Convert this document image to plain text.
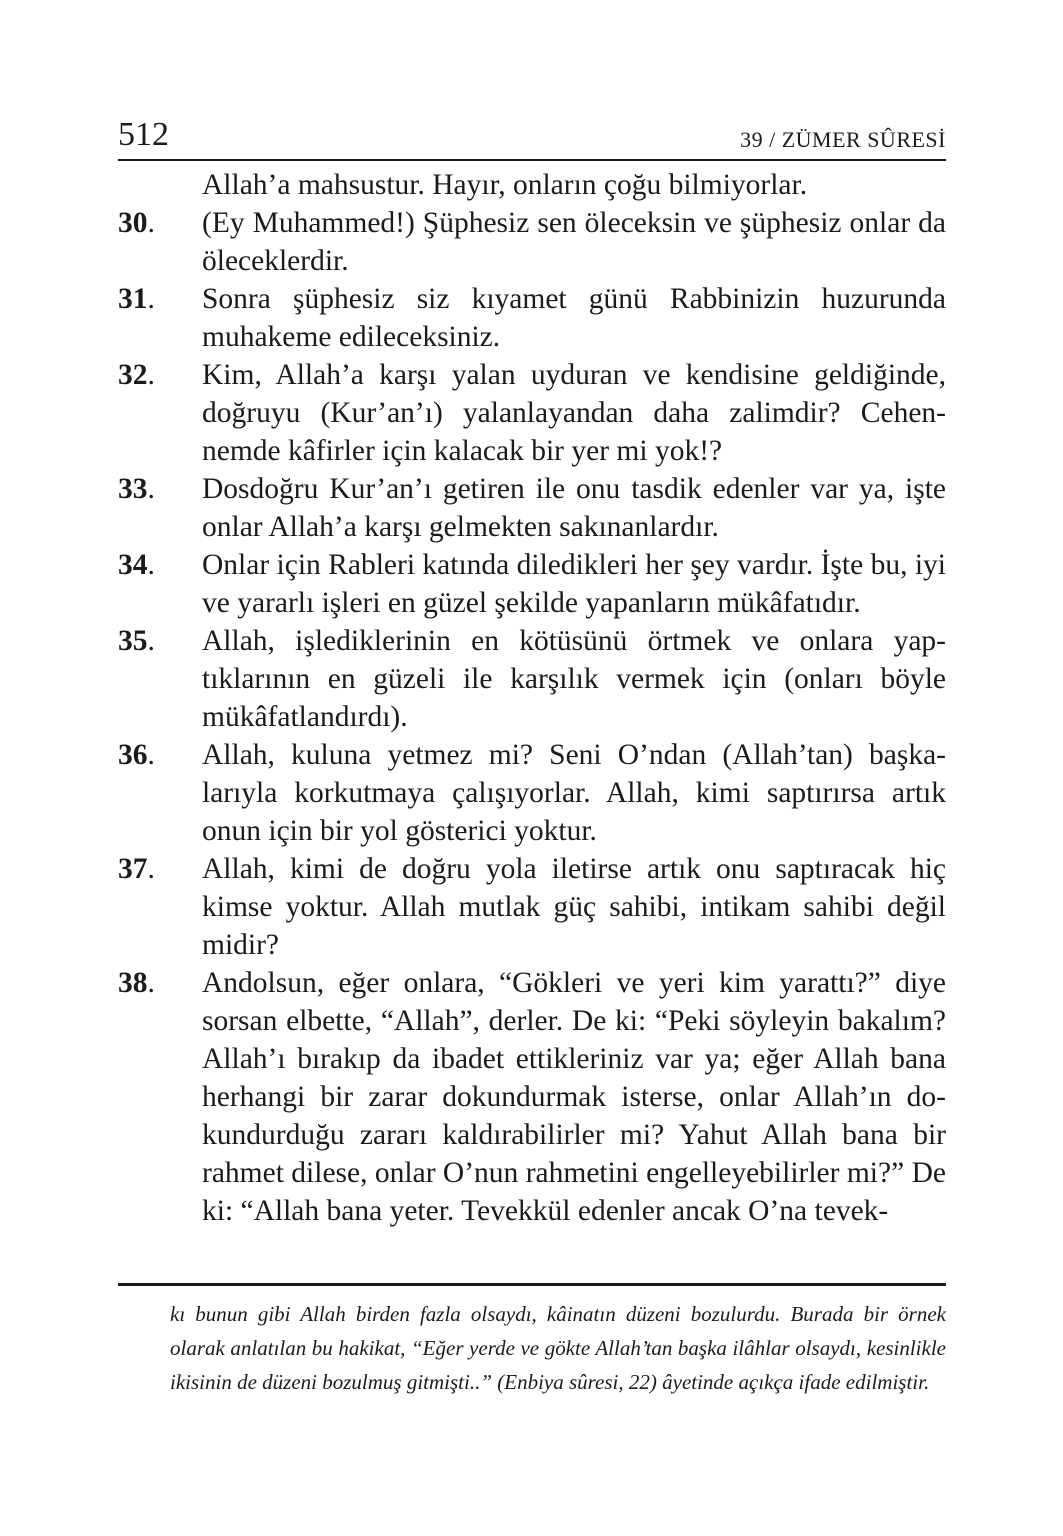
512	39 / ZÜMER SÛRESİ
Allah’a mahsustur. Hayır, onların çoğu bilmiyorlar.
30.	(Ey Muhammed!) Şüphesiz sen öleceksin ve şüphesiz onlar da öleceklerdir.
31.	Sonra şüphesiz siz kıyamet günü Rabbinizin huzurunda muhakeme edileceksiniz.
32.	Kim, Allah’a karşı yalan uyduran ve kendisine geldiğinde, doğruyu (Kur’an’ı) yalanlayandan daha zalimdir? Cehennemde kâfirler için kalacak bir yer mi yok!?
33.	Dosdoğru Kur’an’ı getiren ile onu tasdik edenler var ya, işte onlar Allah’a karşı gelmekten sakınanlardır.
34.	Onlar için Rableri katında diledikleri her şey vardır. İşte bu, iyi ve yararlı işleri en güzel şekilde yapanların mükâfatıdır.
35.	Allah, işlediklerinin en kötüsünü örtmek ve onlara yaptıklarının en güzeli ile karşılık vermek için (onları böyle mükâfatlandırdı).
36.	Allah, kuluna yetmez mi? Seni O’ndan (Allah’tan) başkalarıyla korkutmaya çalışıyorlar. Allah, kimi saptırırsa artık onun için bir yol gösterici yoktur.
37.	Allah, kimi de doğru yola iletirse artık onu saptıracak hiç kimse yoktur. Allah mutlak güç sahibi, intikam sahibi değil midir?
38.	Andolsun, eğer onlara, “Gökleri ve yeri kim yarattı?” diye sorsan elbette, “Allah”, derler. De ki: “Peki söyleyin bakalım? Allah’ı bırakıp da ibadet ettikleriniz var ya; eğer Allah bana herhangi bir zarar dokundurmak isterse, onlar Allah’ın dokundurduğu zararı kaldırabilirler mi? Yahut Allah bana bir rahmet dilese, onlar O’nun rahmetini engelleyebilirler mi?” De ki: “Allah bana yeter. Tevekkül edenler ancak O’na tevek-
kı bunun gibi Allah birden fazla olsaydı, kâinatın düzeni bozulurdu. Burada bir örnek olarak anlatılan bu hakikat, “Eğer yerde ve gökte Allah’tan başka ilâhlar olsaydı, kesinlikle ikisinin de düzeni bozulmuş gitmişti..” (Enbiya sûresi, 22) âyetinde açıkça ifade edilmiştir.
